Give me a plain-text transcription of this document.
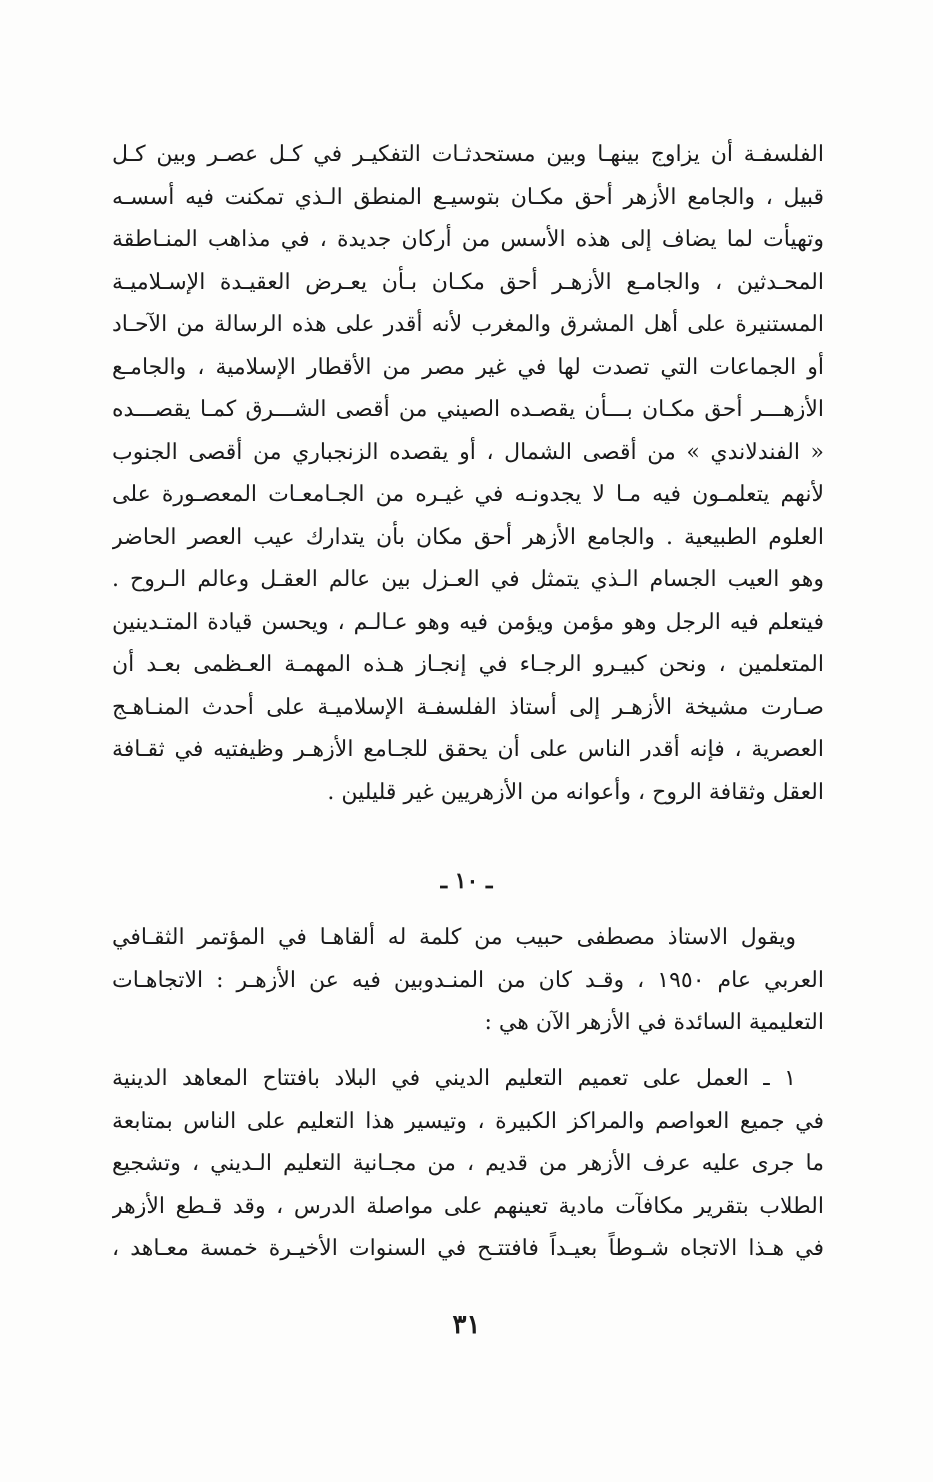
الفلسفـة أن يزاوج بينهـا وبين مستحدثـات التفكيـر في كـل عصـر وبين كـل
قبيل ، والجامع الأزهر أحق مكـان بتوسيـع المنطق الـذي تمكنت فيه أسسـه
وتهيأت لما يضاف إلى هذه الأسس من أركان جديدة ، في مذاهب المنـاطقة
المحـدثين ، والجامـع الأزهـر أحق مكـان بـأن يعـرض العقيـدة الإسـلاميـة
المستنيرة على أهل المشرق والمغرب لأنه أقدر على هذه الرسالة من الآحـاد
أو الجماعات التي تصدت لها في غير مصر من الأقطار الإسلامية ، والجامـع
الأزهـــر أحق مكـان بـــأن يقصـده الصيني من أقصى الشـــرق كمـا يقصـــده
« الفندلاندي » من أقصى الشمال ، أو يقصده الزنجباري من أقصى الجنوب
لأنهم يتعلمـون فيه مـا لا يجدونـه في غيـره من الجـامعـات المعصـورة على
العلوم الطبيعية . والجامع الأزهر أحق مكان بأن يتدارك عيب العصر الحاضر
وهو العيب الجسام الـذي يتمثل في العـزل بين عالم العقـل وعالم الـروح .
فيتعلم فيه الرجل وهو مؤمن ويؤمن فيه وهو عـالـم ، ويحسن قيادة المتـدينين
المتعلمين ، ونحن كبيـرو الرجـاء في إنجـاز هـذه المهمـة العـظمى بعـد أن
صـارت مشيخة الأزهـر إلى أستاذ الفلسفـة الإسلاميـة على أحدث المنـاهـج
العصرية ، فإنه أقدر الناس على أن يحقق للجـامع الأزهـر وظيفتيه في ثقـافة
العقل وثقافة الروح ، وأعوانه من الأزهريين غير قليلين .
ـ ١٠ ـ
ويقول الاستاذ مصطفى حبيب من كلمة له ألقاهـا في المؤتمر الثقـافي
العربي عام ١٩٥٠ ، وقـد كان من المنـدوبين فيه عن الأزهـر : الاتجاهـات
التعليمية السائدة في الأزهر الآن هي :
١ ـ العمل على تعميم التعليم الديني في البلاد بافتتاح المعاهد الدينية
في جميع العواصم والمراكز الكبيرة ، وتيسير هذا التعليم على الناس بمتابعة
ما جرى عليه عرف الأزهر من قديم ، من مجـانية التعليم الـديني ، وتشجيع
الطلاب بتقرير مكافآت مادية تعينهم على مواصلة الدرس ، وقد قـطع الأزهر
في هـذا الاتجاه شـوطاً بعيـداً فافتتـح في السنوات الأخيـرة خمسة معـاهد ،
٣١
